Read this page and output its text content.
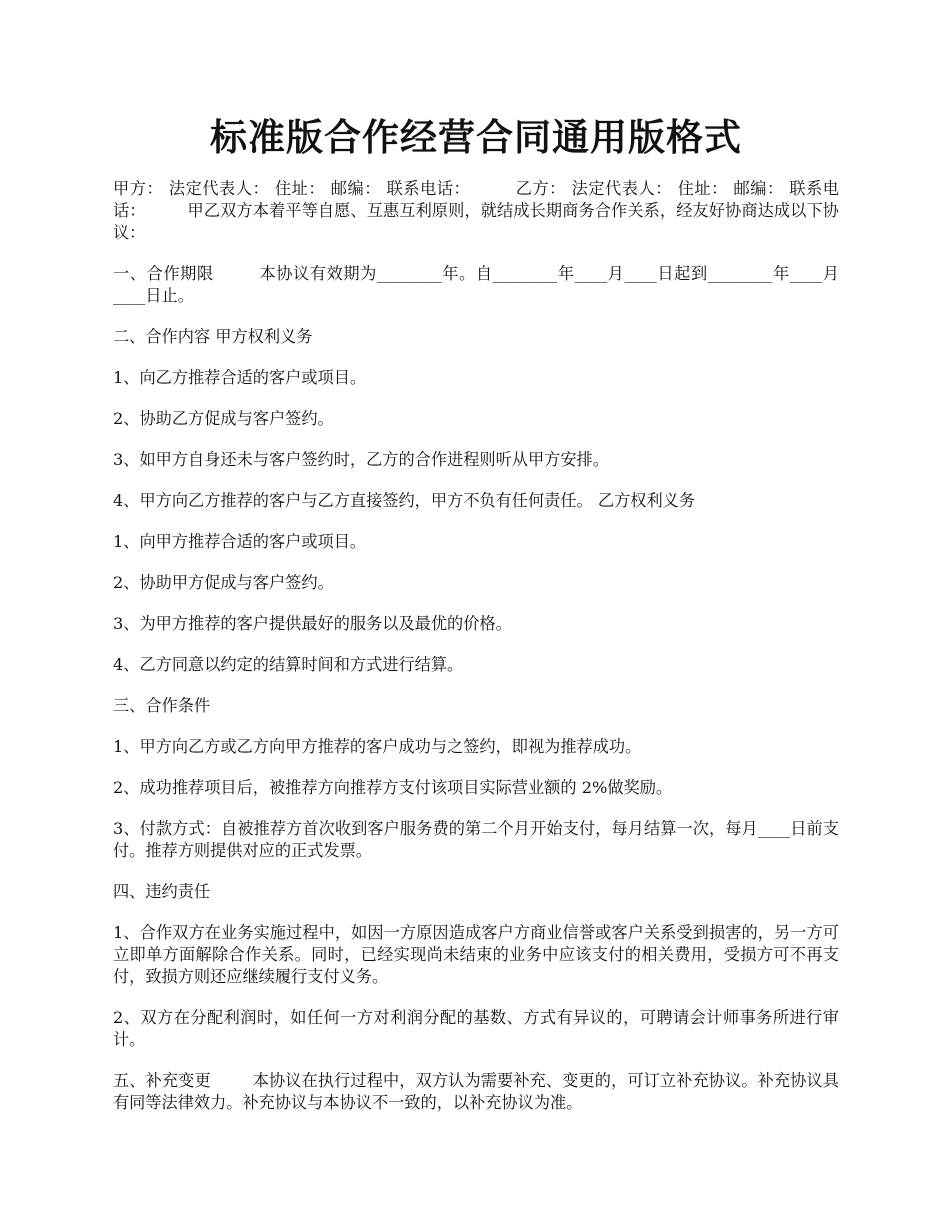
标准版合作经营合同通用版格式

甲方： 法定代表人： 住址： 邮编： 联系电话：        乙方： 法定代表人： 住址： 邮编： 联系电话：        甲乙双方本着平等自愿、互惠互利原则，就结成长期商务合作关系，经友好协商达成以下协议：

一、合作期限        本协议有效期为________年。自________年____月____日起到________年____月____日止。

二、合作内容 甲方权利义务

1、向乙方推荐合适的客户或项目。

2、协助乙方促成与客户签约。

3、如甲方自身还未与客户签约时，乙方的合作进程则听从甲方安排。

4、甲方向乙方推荐的客户与乙方直接签约，甲方不负有任何责任。 乙方权利义务

1、向甲方推荐合适的客户或项目。

2、协助甲方促成与客户签约。

3、为甲方推荐的客户提供最好的服务以及最优的价格。

4、乙方同意以约定的结算时间和方式进行结算。

三、合作条件

1、甲方向乙方或乙方向甲方推荐的客户成功与之签约，即视为推荐成功。

2、成功推荐项目后，被推荐方向推荐方支付该项目实际营业额的 2%做奖励。

3、付款方式：自被推荐方首次收到客户服务费的第二个月开始支付，每月结算一次，每月____日前支付。推荐方则提供对应的正式发票。

四、违约责任

1、合作双方在业务实施过程中，如因一方原因造成客户方商业信誉或客户关系受到损害的，另一方可立即单方面解除合作关系。同时，已经实现尚未结束的业务中应该支付的相关费用，受损方可不再支付，致损方则还应继续履行支付义务。

2、双方在分配利润时，如任何一方对利润分配的基数、方式有异议的，可聘请会计师事务所进行审计。

五、补充变更        本协议在执行过程中，双方认为需要补充、变更的，可订立补充协议。补充协议具有同等法律效力。补充协议与本协议不一致的，以补充协议为准。
